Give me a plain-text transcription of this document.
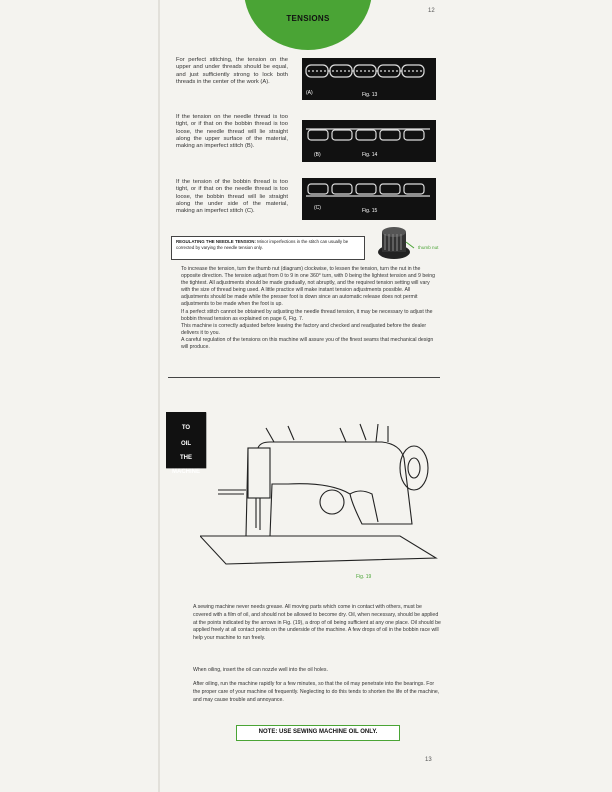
TENSIONS
12
For perfect stitching, the tension on the upper and under threads should be equal, and just sufficiently strong to lock both threads in the center of the work (A).
If the tension on the needle thread is too tight, or if that on the bobbin thread is too loose, the needle thread will lie straight along the upper surface of the material, making an imperfect stitch (B).
If the tension of the bobbin thread is too tight, or if that on the needle thread is too loose, the bobbin thread will lie straight along the under side of the material, making an imperfect stitch (C).
(A)	Fig. 13
(B)	Fig. 14
(C)	Fig. 15
REGULATING THE NEEDLE TENSION: Minor imperfections in the stitch can usually be corrected by varying the needle tension only.	thumb nut
To increase the tension, turn the thumb nut (diagram) clockwise, to lessen the tension, turn the nut in the opposite direction. The tension adjust from 0 to 9 in one 360° turn, with 0 being the lightest tension and 9 being the tightest. All adjustments should be made gradually, not abruptly, and the required tension setting will vary with the size of thread being used. A little practice will make instant tension adjustments possible. All adjustments should be made while the presser foot is down since an automatic release does not permit adjustments to be made when the foot is up.
If a perfect stitch cannot be obtained by adjusting the needle thread tension, it may be necessary to adjust the bobbin thread tension as explained on page 6, Fig. 7.
This machine is correctly adjusted before leaving the factory and checked and readjusted before the dealer delivers it to you.
A careful regulation of the tensions on this machine will assure you of the finest seams that mechanical design will produce.
TO
OIL
THE
MACHINE
Fig. 19
A sewing machine never needs grease. All moving parts which come in contact with others, must be covered with a film of oil, and should not be allowed to become dry. Oil, when necessary, should be applied at the points indicated by the arrows in Fig. (19), a drop of oil being sufficient at any one place. Oil should be applied freely at all contact points on the underside of the machine. A few drops of oil in the bobbin race will help your machine to run freely.
When oiling, insert the oil can nozzle well into the oil holes.
After oiling, run the machine rapidly for a few minutes, so that the oil may penetrate into the bearings. For the proper care of your machine oil frequently. Neglecting to do this tends to shorten the life of the machine, and may cause trouble and annoyance.
NOTE: USE SEWING MACHINE OIL ONLY.
13
